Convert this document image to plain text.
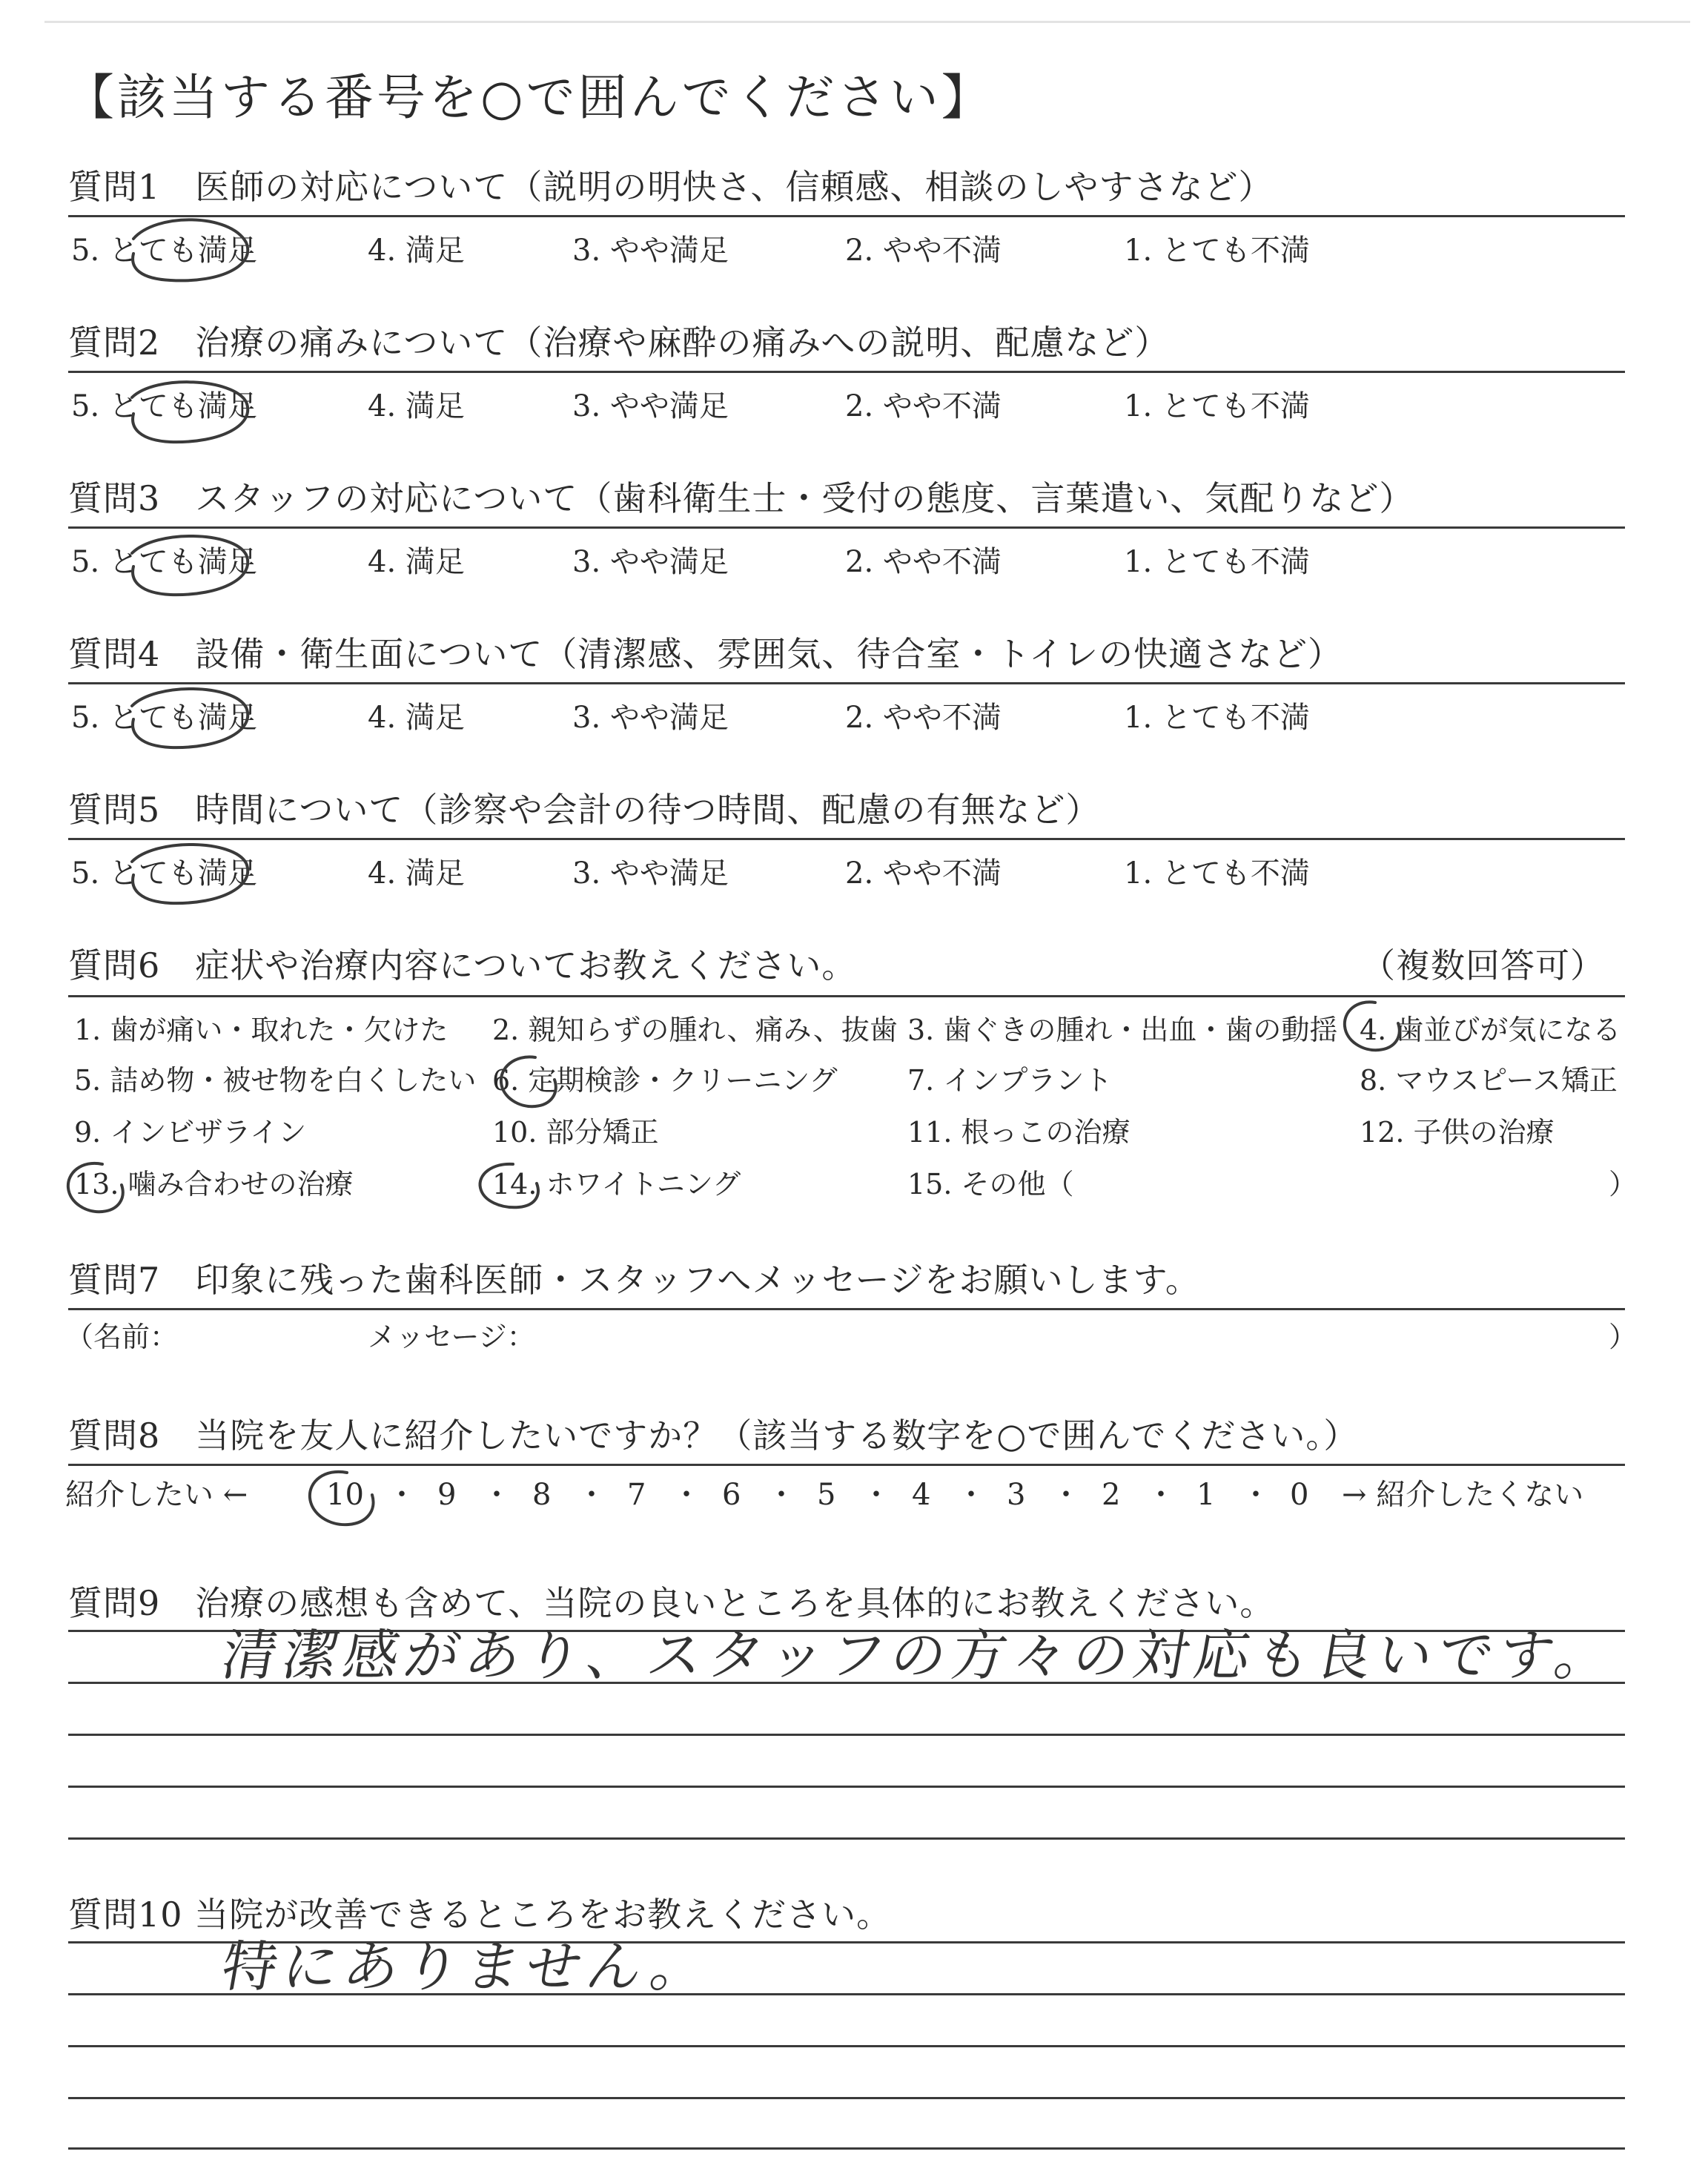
【該当する番号を○で囲んでください】
質問1　医師の対応について（説明の明快さ、信頼感、相談のしやすさなど）
5. とても満足	4. 満足	3. やや満足	2. やや不満	1. とても不満
質問2　治療の痛みについて（治療や麻酔の痛みへの説明、配慮など）
5. とても満足	4. 満足	3. やや満足	2. やや不満	1. とても不満
質問3　スタッフの対応について（歯科衛生士・受付の態度、言葉遣い、気配りなど）
5. とても満足	4. 満足	3. やや満足	2. やや不満	1. とても不満
質問4　設備・衛生面について（清潔感、雰囲気、待合室・トイレの快適さなど）
5. とても満足	4. 満足	3. やや満足	2. やや不満	1. とても不満
質問5　時間について（診察や会計の待つ時間、配慮の有無など）
5. とても満足	4. 満足	3. やや満足	2. やや不満	1. とても不満
質問6　症状や治療内容についてお教えください。	（複数回答可）
1. 歯が痛い・取れた・欠けた 2. 親知らずの腫れ、痛み、抜歯 3. 歯ぐきの腫れ・出血・歯の動揺 4. 歯並びが気になる
5. 詰め物・被せ物を白くしたい 6. 定期検診・クリーニング 7. インプラント	8. マウスピース矯正
9. インビザライン	10. 部分矯正	11. 根っこの治療	12. 子供の治療
13. 噛み合わせの治療	14. ホワイトニング	15. その他（	）
質問7　印象に残った歯科医師・スタッフへメッセージをお願いします。
（名前：	メッセージ：	）
質問8　当院を友人に紹介したいですか？（該当する数字を○で囲んでください。）
紹介したい ←	10 ・ 9 ・ 8 ・ 7 ・ 6 ・ 5 ・ 4 ・ 3 ・ 2 ・ 1 ・ 0 → 紹介したくない
質問9　治療の感想も含めて、当院の良いところを具体的にお教えください。
清潔感があり、スタッフの方々の対応も良いです。
質問10 当院が改善できるところをお教えください。
特にありません。
